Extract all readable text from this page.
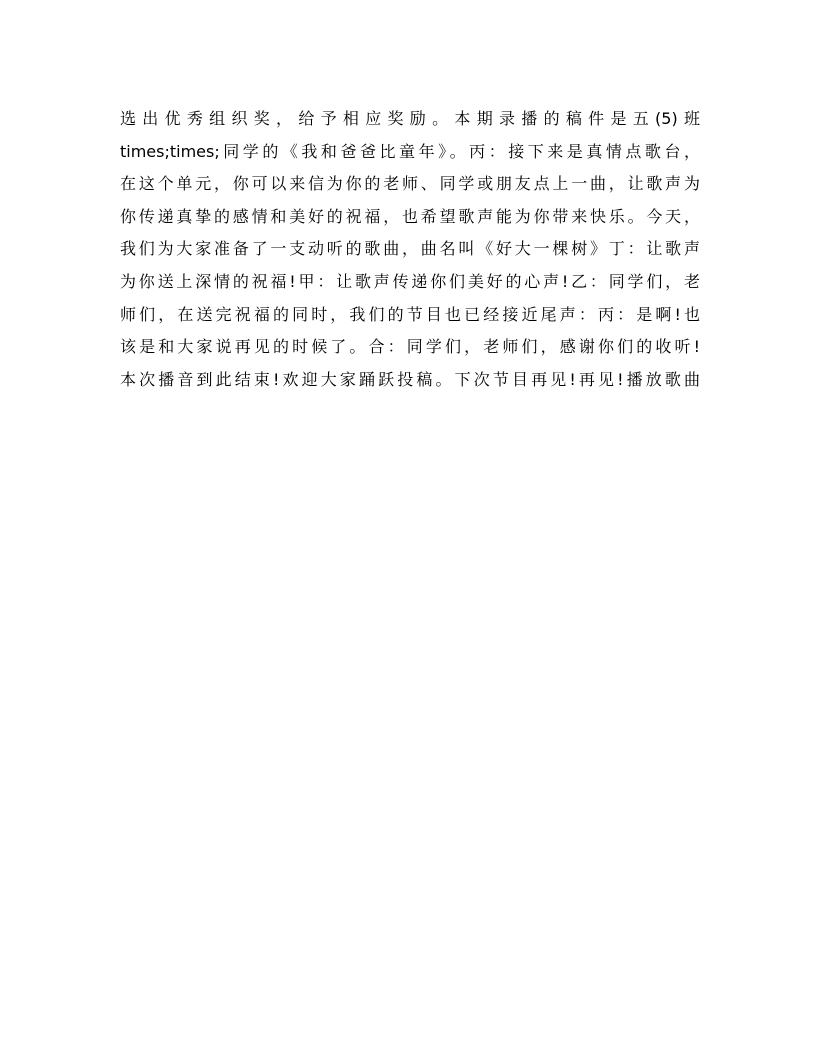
选出优秀组织奖，给予相应奖励。本期录播的稿件是五(5)班
times;times;同学的《我和爸爸比童年》。丙：接下来是真情点歌台，
在这个单元，你可以来信为你的老师、同学或朋友点上一曲，让歌声为
你传递真挚的感情和美好的祝福，也希望歌声能为你带来快乐。今天，
我们为大家准备了一支动听的歌曲，曲名叫《好大一棵树》丁：让歌声
为你送上深情的祝福!甲：让歌声传递你们美好的心声!乙：同学们，老
师们，在送完祝福的同时，我们的节目也已经接近尾声：丙：是啊!也
该是和大家说再见的时候了。合：同学们，老师们，感谢你们的收听!
本次播音到此结束!欢迎大家踊跃投稿。下次节目再见!再见!播放歌曲
